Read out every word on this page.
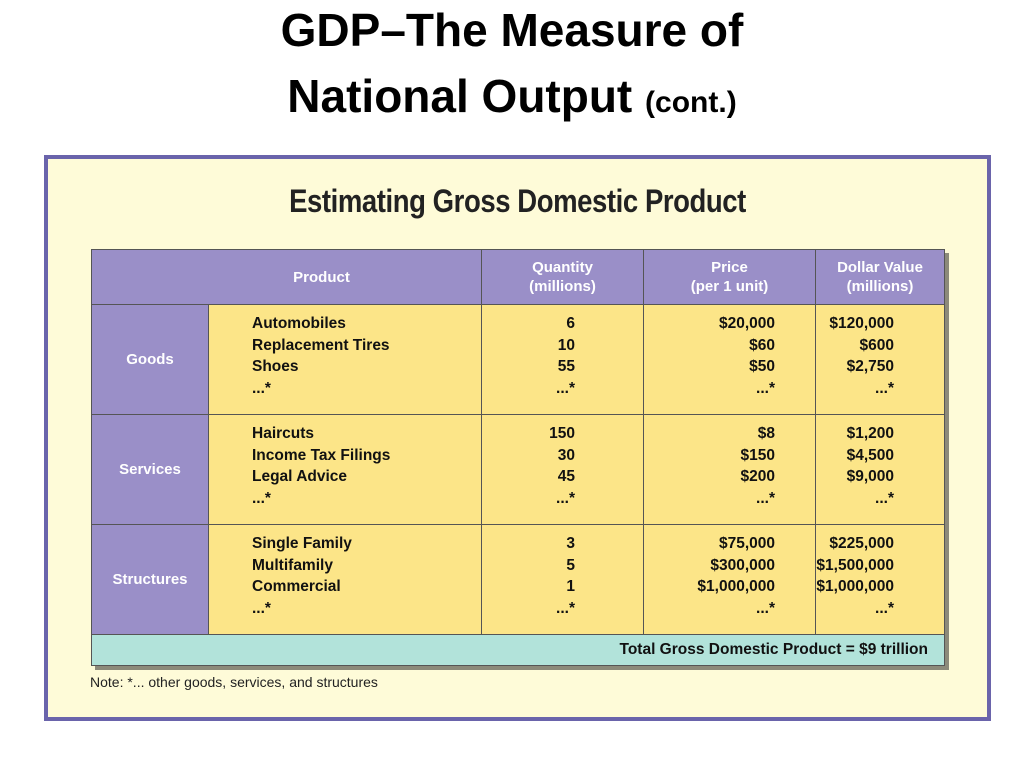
GDP–The Measure of
National Output (cont.)
Estimating Gross Domestic Product
Product
Quantity
(millions)
Price
(per 1 unit)
Dollar Value
(millions)
Goods
Automobiles
Replacement Tires
Shoes
...*
6
10
55
...*
$20,000
$60
$50
...*
$120,000
$600
$2,750
...*
Services
Haircuts
Income Tax Filings
Legal Advice
...*
150
30
45
...*
$8
$150
$200
...*
$1,200
$4,500
$9,000
...*
Structures
Single Family
Multifamily
Commercial
...*
3
5
1
...*
$75,000
$300,000
$1,000,000
...*
$225,000
$1,500,000
$1,000,000
...*
Total Gross Domestic Product = $9 trillion
Note: *... other goods, services, and structures
